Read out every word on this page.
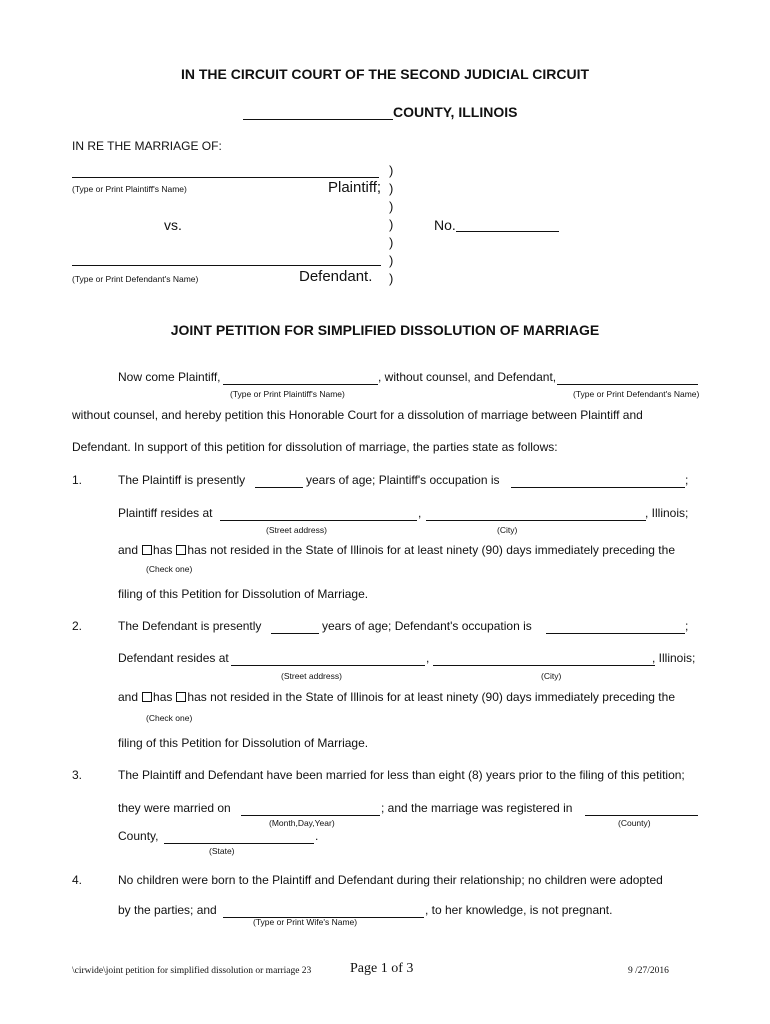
IN THE CIRCUIT COURT OF THE SECOND JUDICIAL CIRCUIT
COUNTY, ILLINOIS
IN RE THE MARRIAGE OF:
(Type or Print Plaintiff's Name)	Plaintiff;
vs.	No.
(Type or Print Defendant's Name)	Defendant.
)
)
)
)
)
)
)
JOINT PETITION FOR SIMPLIFIED DISSOLUTION OF MARRIAGE
Now come Plaintiff,	, without counsel, and Defendant,
(Type or Print Plaintiff's Name)	(Type or Print Defendant's Name)
without counsel, and hereby petition this Honorable Court for a dissolution of marriage between Plaintiff and
Defendant. In support of this petition for dissolution of marriage, the parties state as follows:
1.	The Plaintiff is presently	years of age; Plaintiff's occupation is	;
Plaintiff resides at	,	, Illinois;
(Street address)	(City)
and has has not resided in the State of Illinois for at least ninety (90) days immediately preceding the
(Check one)
filing of this Petition for Dissolution of Marriage.
2.	The Defendant is presently	years of age; Defendant's occupation is	;
Defendant resides at	,	, Illinois;
(Street address)	(City)
and has has not resided in the State of Illinois for at least ninety (90) days immediately preceding the
(Check one)
filing of this Petition for Dissolution of Marriage.
3.	The Plaintiff and Defendant have been married for less than eight (8) years prior to the filing of this petition;
they were married on	; and the marriage was registered in
(Month,Day,Year)	(County)
County,	.
(State)
4.	No children were born to the Plaintiff and Defendant during their relationship; no children were adopted
by the parties; and	, to her knowledge, is not pregnant.
(Type or Print Wife's Name)
\cirwide\joint petition for simplified dissolution or marriage 23	Page 1 of 3	9 /27/2016
